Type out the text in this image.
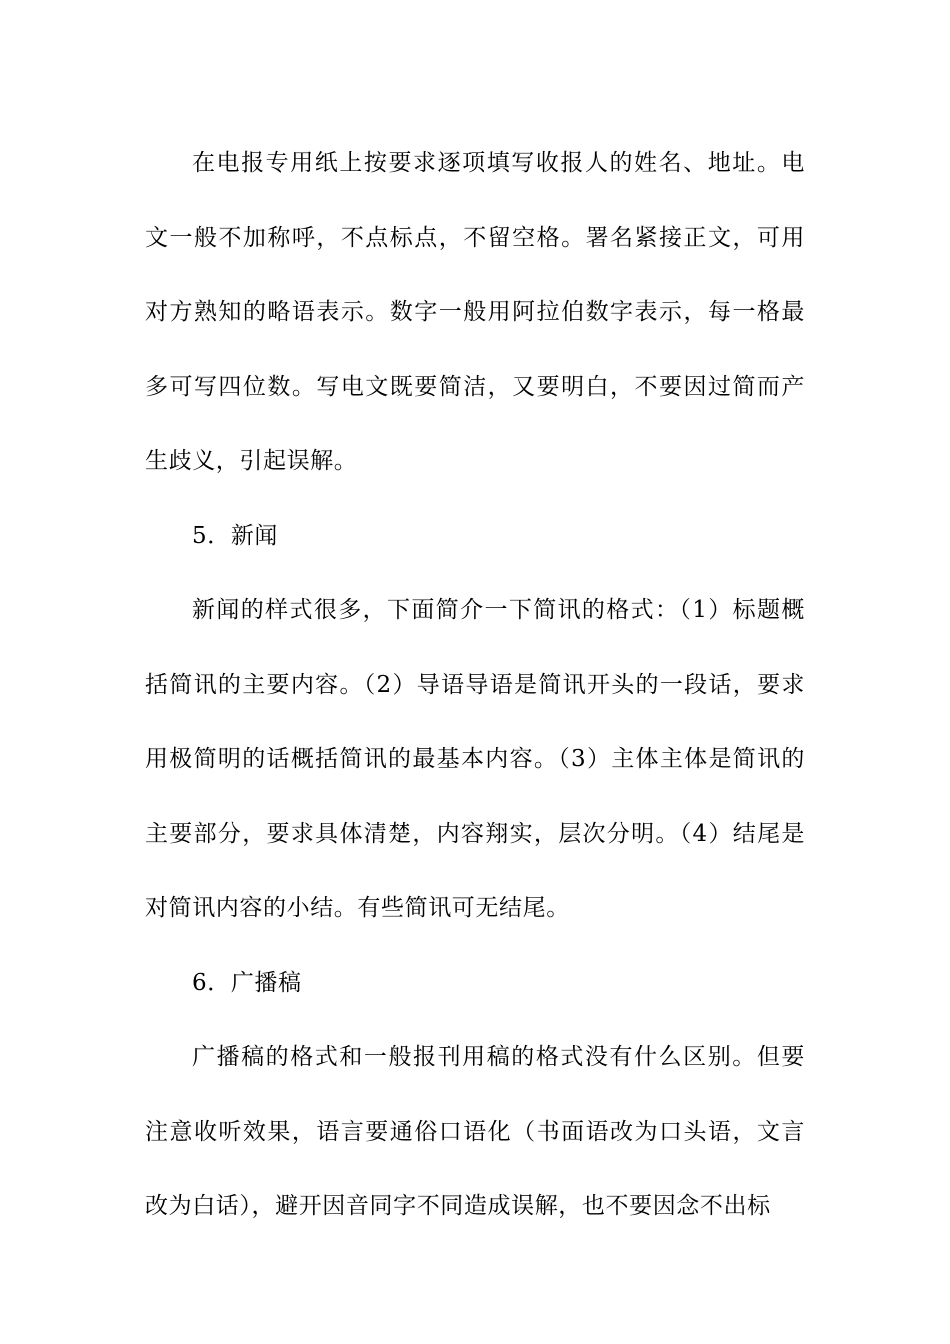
在电报专用纸上按要求逐项填写收报人的姓名、地址。电文一般不加称呼，不点标点，不留空格。署名紧接正文，可用对方熟知的略语表示。数字一般用阿拉伯数字表示，每一格最多可写四位数。写电文既要简洁，又要明白，不要因过简而产生歧义，引起误解。

5．新闻

新闻的样式很多，下面简介一下简讯的格式：（1）标题概括简讯的主要内容。（2）导语导语是简讯开头的一段话，要求用极简明的话概括简讯的最基本内容。（3）主体主体是简讯的主要部分，要求具体清楚，内容翔实，层次分明。（4）结尾是对简讯内容的小结。有些简讯可无结尾。

6．广播稿

广播稿的格式和一般报刊用稿的格式没有什么区别。但要注意收听效果，语言要通俗口语化（书面语改为口头语，文言改为白话），避开因音同字不同造成误解，也不要因念不出标
